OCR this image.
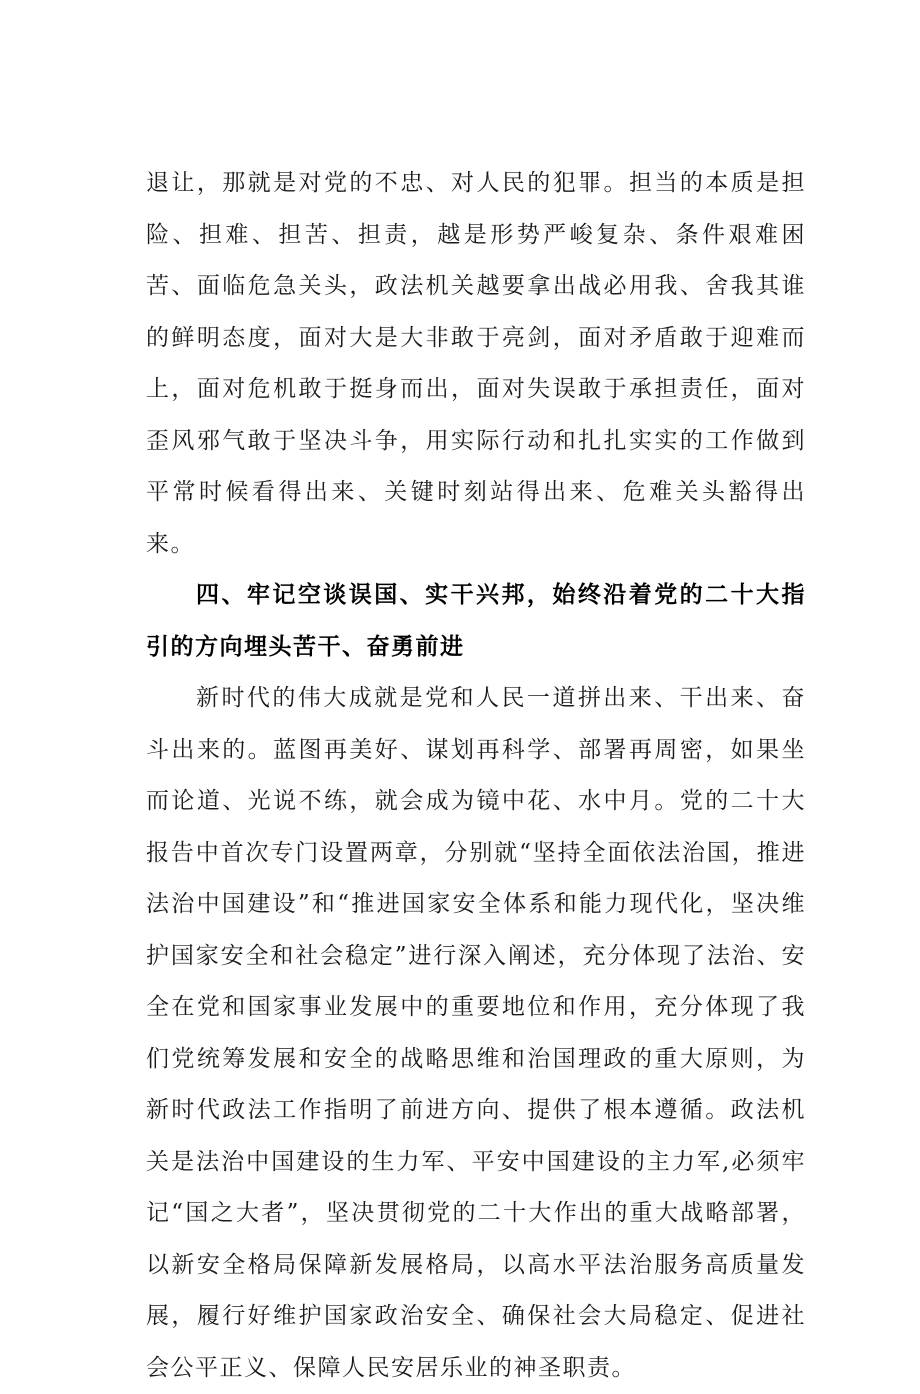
退让，那就是对党的不忠、对人民的犯罪。担当的本质是担险、担难、担苦、担责，越是形势严峻复杂、条件艰难困苦、面临危急关头，政法机关越要拿出战必用我、舍我其谁的鲜明态度，面对大是大非敢于亮剑，面对矛盾敢于迎难而上，面对危机敢于挺身而出，面对失误敢于承担责任，面对歪风邪气敢于坚决斗争，用实际行动和扎扎实实的工作做到平常时候看得出来、关键时刻站得出来、危难关头豁得出来。

四、牢记空谈误国、实干兴邦，始终沿着党的二十大指引的方向埋头苦干、奋勇前进

新时代的伟大成就是党和人民一道拼出来、干出来、奋斗出来的。蓝图再美好、谋划再科学、部署再周密，如果坐而论道、光说不练，就会成为镜中花、水中月。党的二十大报告中首次专门设置两章，分别就“坚持全面依法治国，推进法治中国建设”和“推进国家安全体系和能力现代化，坚决维护国家安全和社会稳定”进行深入阐述，充分体现了法治、安全在党和国家事业发展中的重要地位和作用，充分体现了我们党统筹发展和安全的战略思维和治国理政的重大原则，为新时代政法工作指明了前进方向、提供了根本遵循。政法机关是法治中国建设的生力军、平安中国建设的主力军,必须牢记“国之大者”，坚决贯彻党的二十大作出的重大战略部署，以新安全格局保障新发展格局，以高水平法治服务高质量发展，履行好维护国家政治安全、确保社会大局稳定、促进社会公平正义、保障人民安居乐业的神圣职责。
